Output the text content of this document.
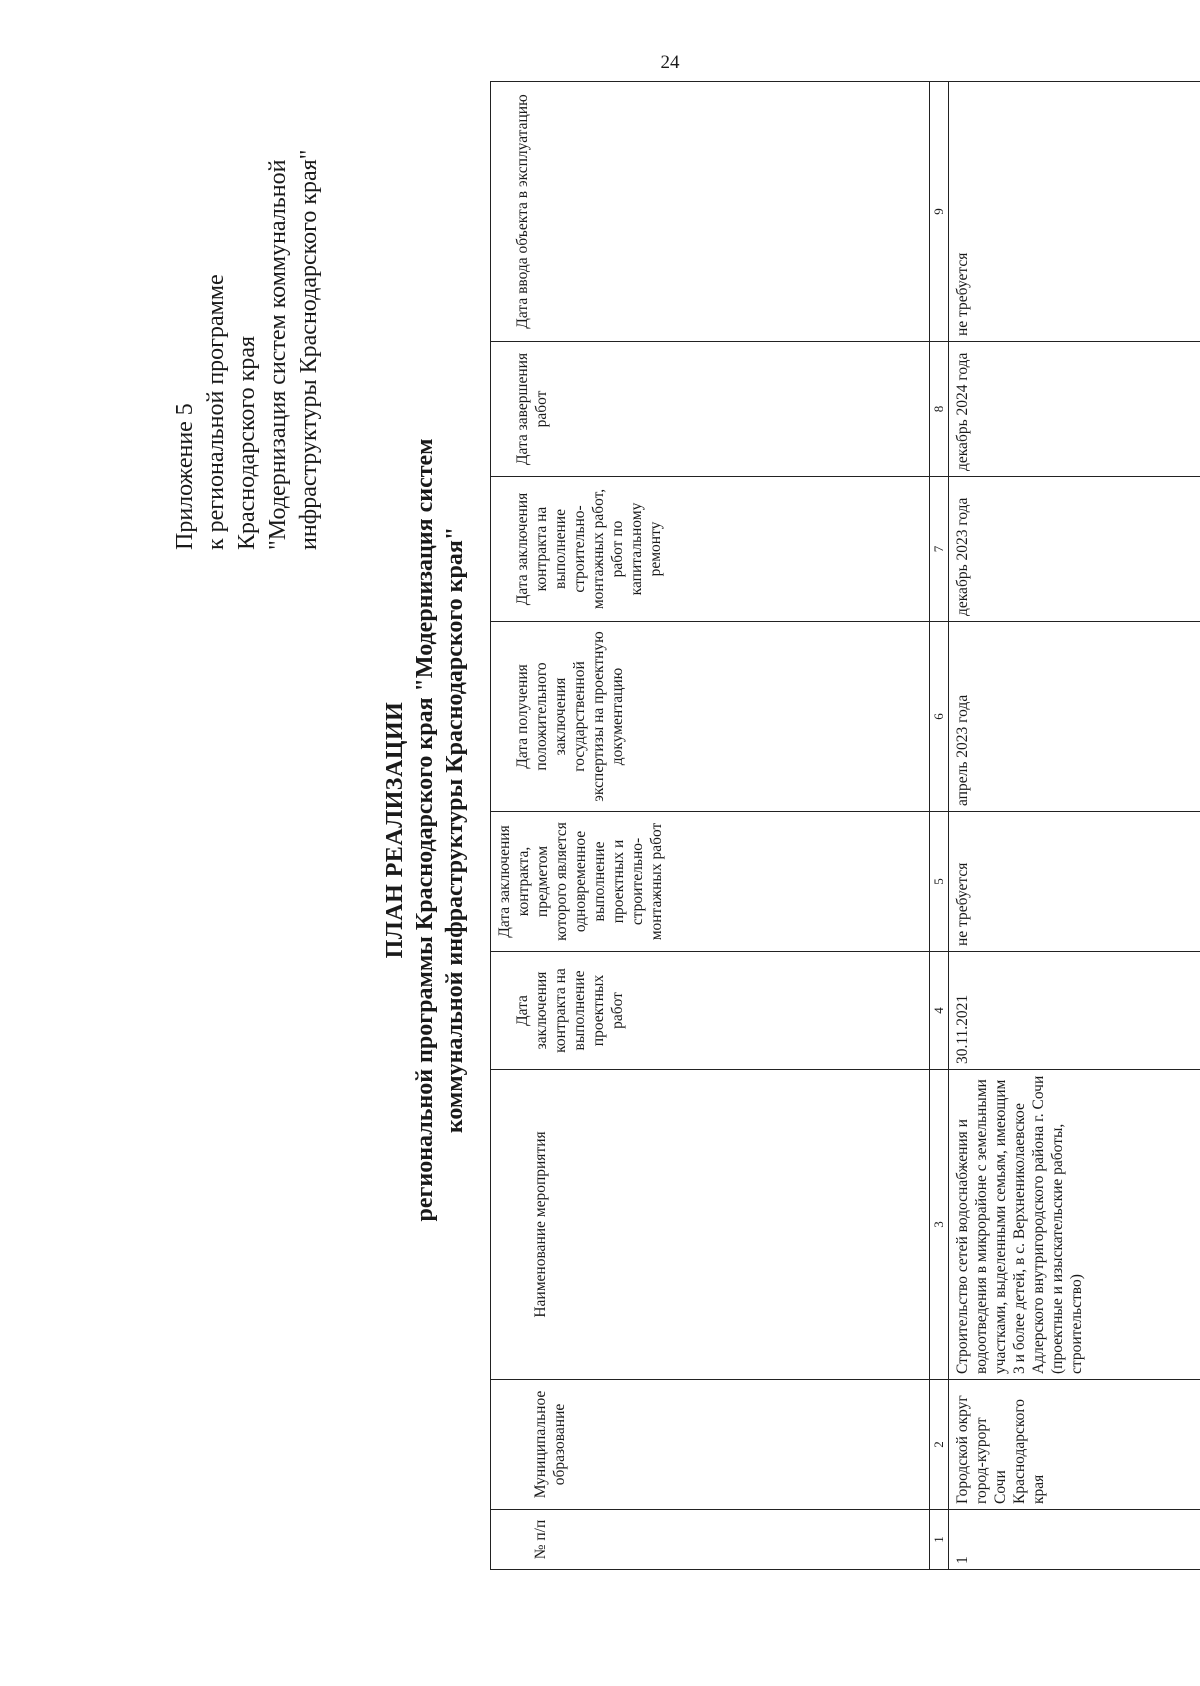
24
Приложение 5 к региональной программе Краснодарского края "Модернизация систем коммунальной инфраструктуры Краснодарского края"
ПЛАН РЕАЛИЗАЦИИ региональной программы Краснодарского края "Модернизация систем коммунальной инфраструктуры Краснодарского края"
№ п/п	Муниципальное образование	Наименование мероприятия	Дата заключения контракта на выполнение проектных работ	Дата заключения контракта, предметом которого является одновременное выполнение проектных и строительно-монтажных работ	Дата получения положительного заключения государственной экспертизы на проектную документацию	Дата заключения контракта на выполнение строительно-монтажных работ, работ по капитальному ремонту	Дата завершения работ	Дата ввода объекта в эксплуатацию
1	2	3	4	5	6	7	8	9
1	Городской округ город-курорт Сочи Краснодарского края	Строительство сетей водоснабжения и водоотведения в микрорайоне с земельными участками, выделенными семьям, имеющим 3 и более детей, в с. Верхнениколаевское Адлерского внутригородского района г. Сочи (проектные и изыскательские работы, строительство)	30.11.2021	не требуется	апрель 2023 года	декабрь 2023 года	декабрь 2024 года	не требуется
